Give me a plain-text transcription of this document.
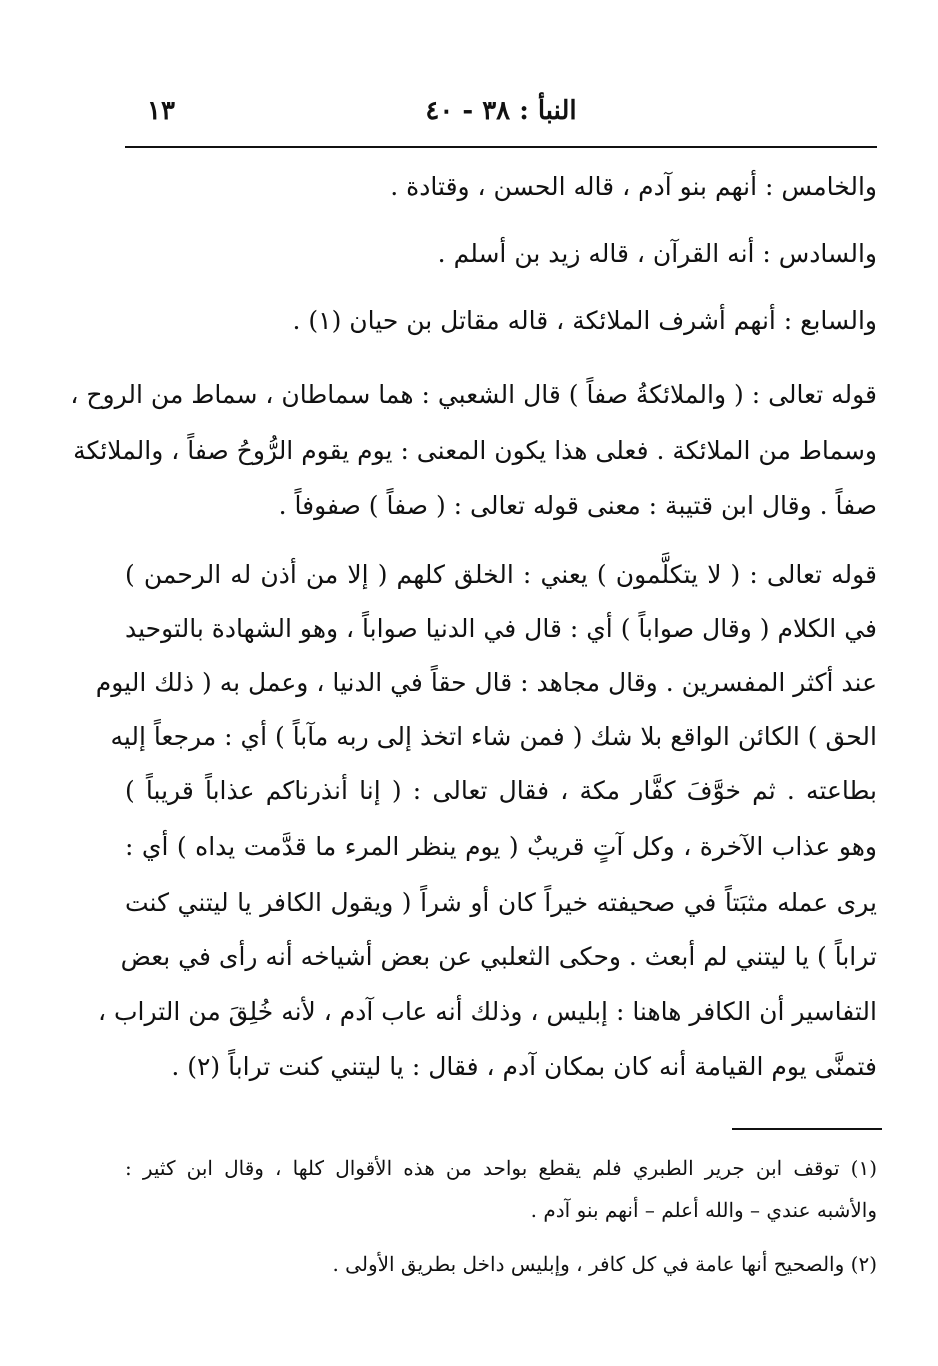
١٣	النبأ : ٣٨ - ٤٠
والخامس : أنهم بنو آدم ، قاله الحسن ، وقتادة .
والسادس : أنه القرآن ، قاله زيد بن أسلم .
والسابع : أنهم أشرف الملائكة ، قاله مقاتل بن حيان (١) .
قوله تعالى : ( والملائكةُ صفاً ) قال الشعبي : هما سماطان ، سماط من الروح ،
وسماط من الملائكة . فعلى هذا يكون المعنى : يوم يقوم الرُّوحُ صفاً ، والملائكة
صفاً . وقال ابن قتيبة : معنى قوله تعالى : ( صفاً ) صفوفاً .
قوله تعالى : ( لا يتكلَّمون ) يعني : الخلق كلهم ( إلا من أذن له الرحمن )
في الكلام ( وقال صواباً ) أي : قال في الدنيا صواباً ، وهو الشهادة بالتوحيد
عند أكثر المفسرين . وقال مجاهد : قال حقاً في الدنيا ، وعمل به ( ذلك اليوم
الحق ) الكائن الواقع بلا شك ( فمن شاء اتخذ إلى ربه مآباً ) أي : مرجعاً إليه
بطاعته . ثم خوَّفَ كفَّار مكة ، فقال تعالى : ( إنا أنذرناكم عذاباً قريباً )
وهو عذاب الآخرة ، وكل آتٍ قريبٌ ( يوم ينظر المرء ما قدَّمت يداه ) أي :
يرى عمله مثبَتاً في صحيفته خيراً كان أو شراً ( ويقول الكافر يا ليتني كنت
تراباً ) يا ليتني لم أبعث . وحكى الثعلبي عن بعض أشياخه أنه رأى في بعض
التفاسير أن الكافر هاهنا : إبليس ، وذلك أنه عاب آدم ، لأنه خُلِقَ من التراب ،
فتمنَّى يوم القيامة أنه كان بمكان آدم ، فقال : يا ليتني كنت تراباً (٢) .
(١) توقف ابن جرير الطبري فلم يقطع بواحد من هذه الأقوال كلها ، وقال ابن كثير :
والأشبه عندي – والله أعلم – أنهم بنو آدم .
(٢) والصحيح أنها عامة في كل كافر ، وإبليس داخل بطريق الأولى .
